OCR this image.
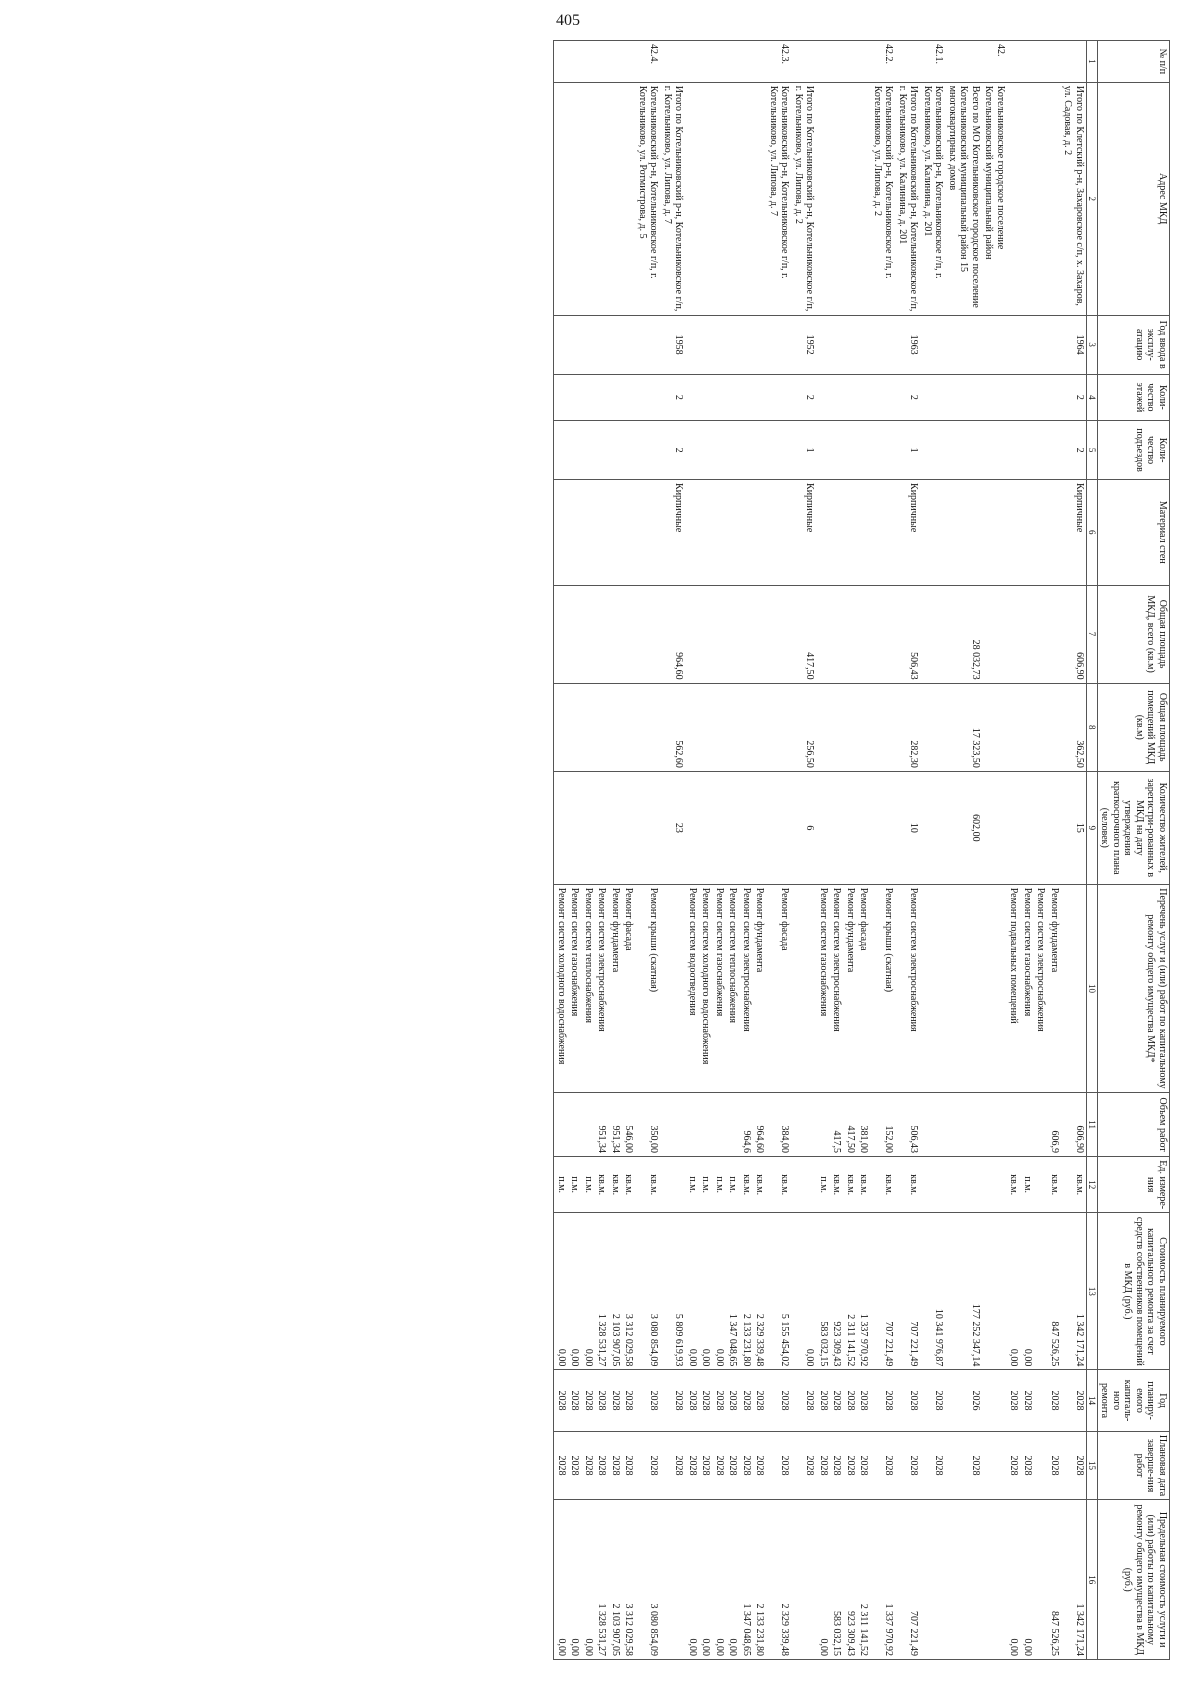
405
№ п/п	Адрес МКД	Год ввода в эксплу-атацию	Коли-чество этажей	Коли-чество подъездов	Материал стен	Общая площадь МКД, всего (кв.м)	Общая площадь помещений МКД (кв.м)	Количество жителей, зарегистри-рованных в МКД на дату утверждения краткосрочного плана (человек)	Перечень услуг и (или) работ по капитальному ремонту общего имущества МКД*	Объем работ	Ед. измере-ния	Стоимость планируемого капитального ремонта за счет средств собственников помещений в МКД (руб.)	Год планиру-емого капиталь-ного ремонта	Плановая дата заверше-ния работ	Предельная стоимость услуги и (или) работы по капитальному ремонту общего имущества в МКД (руб.)
1	2	3	4	5	6	7	8	9	10	11	12	13	14	15	16
	Итого по Клетский р-н, Захаровское с/п, х. Захаров, ул. Садовая, д. 2	1964	2	2	Кирпичные	606,90	362,50	15		606,90	кв.м.	1 342 171,24	2028	2028	1 342 171,24
									Ремонт фундамента	606,9	кв.м.	847 526,25	2028	2028	847 526,25
									Ремонт систем электроснабжения						
									Ремонт систем газоснабжения		п.м.	0,00	2028	2028	0,00
									Ремонт подвальных помещений		кв.м.	0,00	2028	2028	0,00
42.	Котельниковское городское поселение Котельниковский муниципальный район														
	Всего по МО Котельниковское городское поселение Котельниковский муниципальный район 15 многоквартирных домов					28 032,73	17 323,50	602,00				177 252 347,14	2026	2028	
42.1.	Котельниковский р-н, Котельниковское г/п, г. Котельниково, ул. Калинина, д. 201											10 341 976,87	2028	2028	
	Итого по Котельниковский р-н, Котельниковское г/п, г. Котельниково, ул. Калинина, д. 201	1963	2	1	Кирпичные	506,43	282,30	10	Ремонт систем электроснабжения	506,43	кв.м.	707 221,49	2028	2028	707 221,49
42.2.	Котельниковский р-н, Котельниковское г/п, г. Котельниково, ул. Липова, д. 2								Ремонт крыши (скатная)	152,00	кв.м.	707 221,49	2028	2028	1 337 970,92
									Ремонт фасада	381,00	кв.м.	1 337 970,92	2028	2028	2 311 141,52
									Ремонт фундамента	417,50	кв.м.	2 311 141,52	2028	2028	923 309,43
									Ремонт систем электроснабжения	417,5	кв.м.	923 309,43	2028	2028	583 032,15
									Ремонт систем газоснабжения		п.м.	583 032,15	2028	2028	0,00
	Итого по Котельниковский р-н, Котельниковское г/п, г. Котельниково, ул. Липова, д. 2	1952	2	1	Кирпичные	417,50	256,50	6				0,00	2028	2028	
42.3.	Котельниковский р-н, Котельниковское г/п, г. Котельниково, ул. Липова, д. 7								Ремонт фасада	384,00	кв.м.	5 155 454,02	2028	2028	2 329 339,48
									Ремонт фундамента	964,60	кв.м.	2 329 339,48	2028	2028	2 133 231,80
									Ремонт систем электроснабжения	964,6	кв.м.	2 133 231,80	2028	2028	1 347 048,65
									Ремонт систем теплоснабжения		п.м.	1 347 048,65	2028	2028	0,00
									Ремонт систем газоснабжения		п.м.	0,00	2028	2028	0,00
									Ремонт систем холодного водоснабжения		п.м.	0,00	2028	2028	0,00
									Ремонт систем водоотведения		п.м.	0,00	2028	2028	0,00
	Итого по Котельниковский р-н, Котельниковское г/п, г. Котельниково, ул. Липова, д. 7	1958	2	2	Кирпичные	964,60	562,60	23				5 809 619,93	2028	2028	
42.4.	Котельниковский р-н, Котельниковское г/п, г. Котельниково, ул. Ротмистрова, д. 5								Ремонт крыши (скатная)	350,00	кв.м.	3 080 854,09	2028	2028	3 080 854,09
									Ремонт фасада	546,00	кв.м.	3 312 029,58	2028	2028	3 312 029,58
									Ремонт фундамента	951,34	кв.м.	2 103 907,05	2028	2028	2 103 907,05
									Ремонт систем электроснабжения	951,34	кв.м.	1 328 531,27	2028	2028	1 328 531,27
									Ремонт систем теплоснабжения		п.м.	0,00	2028	2028	0,00
									Ремонт систем газоснабжения		п.м.	0,00	2028	2028	0,00
									Ремонт систем холодного водоснабжения		п.м.	0,00	2028	2028	0,00
